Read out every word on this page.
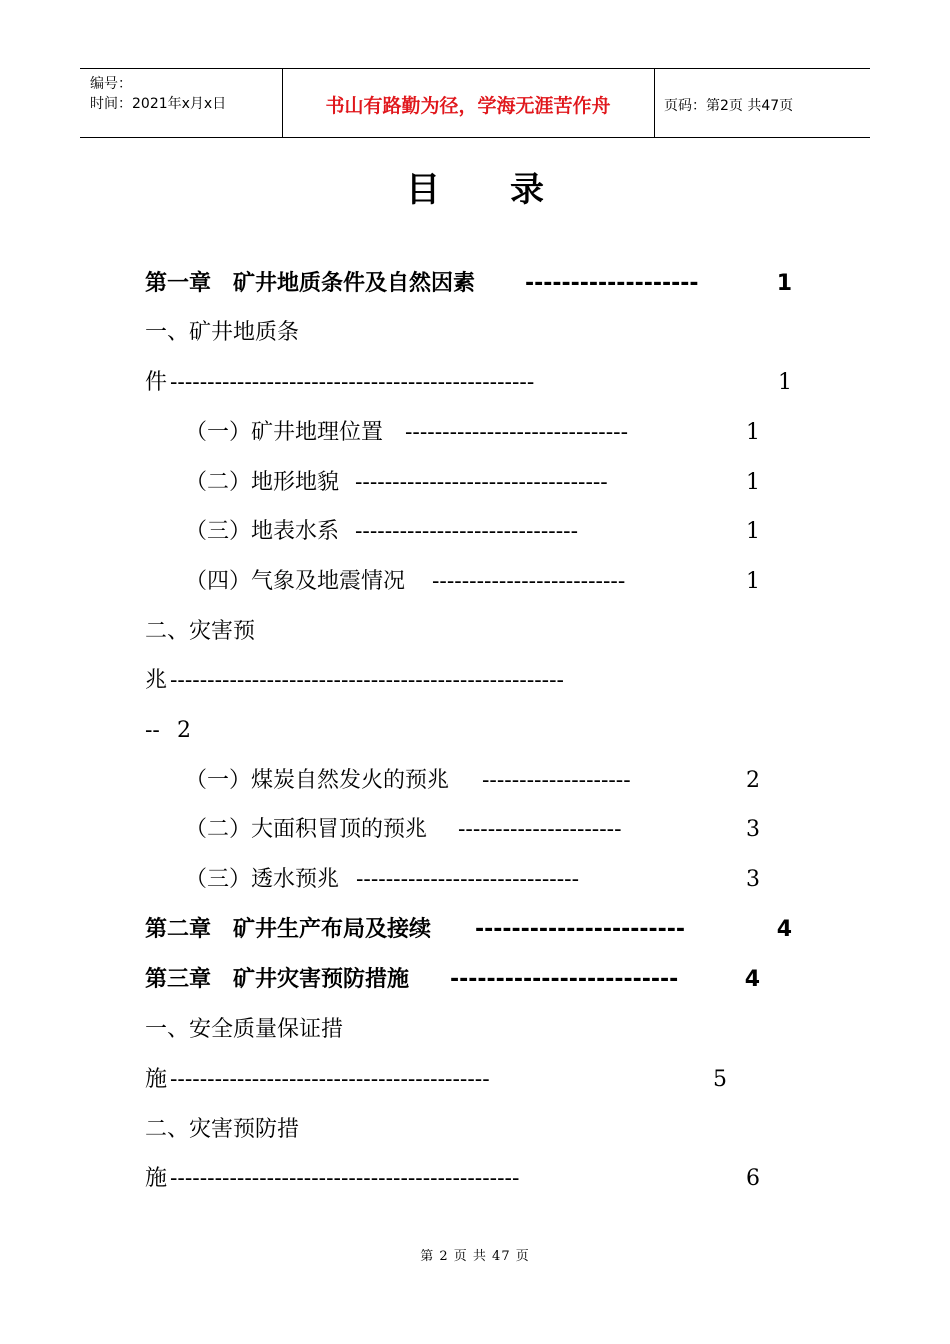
编号：
时间：2021年x月x日	书山有路勤为径，学海无涯苦作舟	页码：第2页 共47页
目录
第一章　矿井地质条件及自然因素 -------------------	1
一、矿井地质条
件 -------------------------------------------------	1
（一）矿井地理位置 ------------------------------	1
（二）地形地貌 ----------------------------------	1
（三）地表水系 ------------------------------	1
（四）气象及地震情况 --------------------------	1
二、灾害预
兆 -----------------------------------------------------
-- 2
（一）煤炭自然发火的预兆 --------------------	2
（二）大面积冒顶的预兆 ----------------------	3
（三）透水预兆 ------------------------------	3
第二章　矿井生产布局及接续 -----------------------	4
第三章　矿井灾害预防措施 -------------------------	4
一、安全质量保证措
施 -------------------------------------------	5
二、灾害预防措
施 -----------------------------------------------	6
第 2 页 共 47 页
